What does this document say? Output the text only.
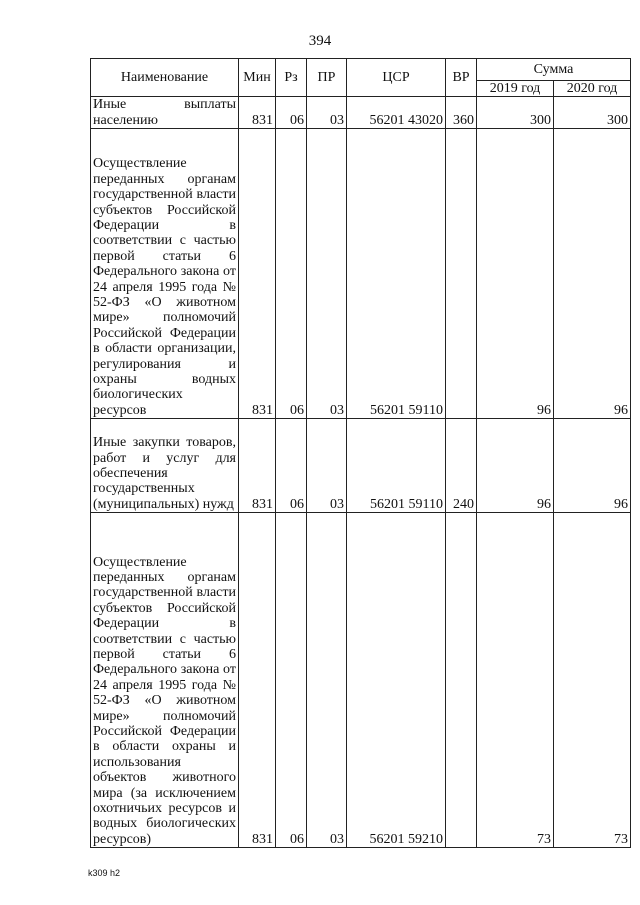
394
Наименование	Мин	Рз	ПР	ЦСР	ВР	Сумма	
						2019 год	2020 год
Иные выплаты населению	831	06	03	56201 43020	360	300	300
Осуществление переданных органам государственной власти субъектов Российской Федерации в соответствии с частью первой статьи 6 Федерального закона от 24 апреля 1995 года № 52-ФЗ «О животном мире» полномочий Российской Федерации в области организации, регулирования и охраны водных биологических ресурсов	831	06	03	56201 59110		96	96
Иные закупки товаров, работ и услуг для обеспечения государственных (муниципальных) нужд	831	06	03	56201 59110	240	96	96
Осуществление переданных органам государственной власти субъектов Российской Федерации в соответствии с частью первой статьи 6 Федерального закона от 24 апреля 1995 года № 52-ФЗ «О животном мире» полномочий Российской Федерации в области охраны и использования объектов животного мира (за исключением охотничьих ресурсов и водных биологических ресурсов)	831	06	03	56201 59210		73	73
k309 h2
